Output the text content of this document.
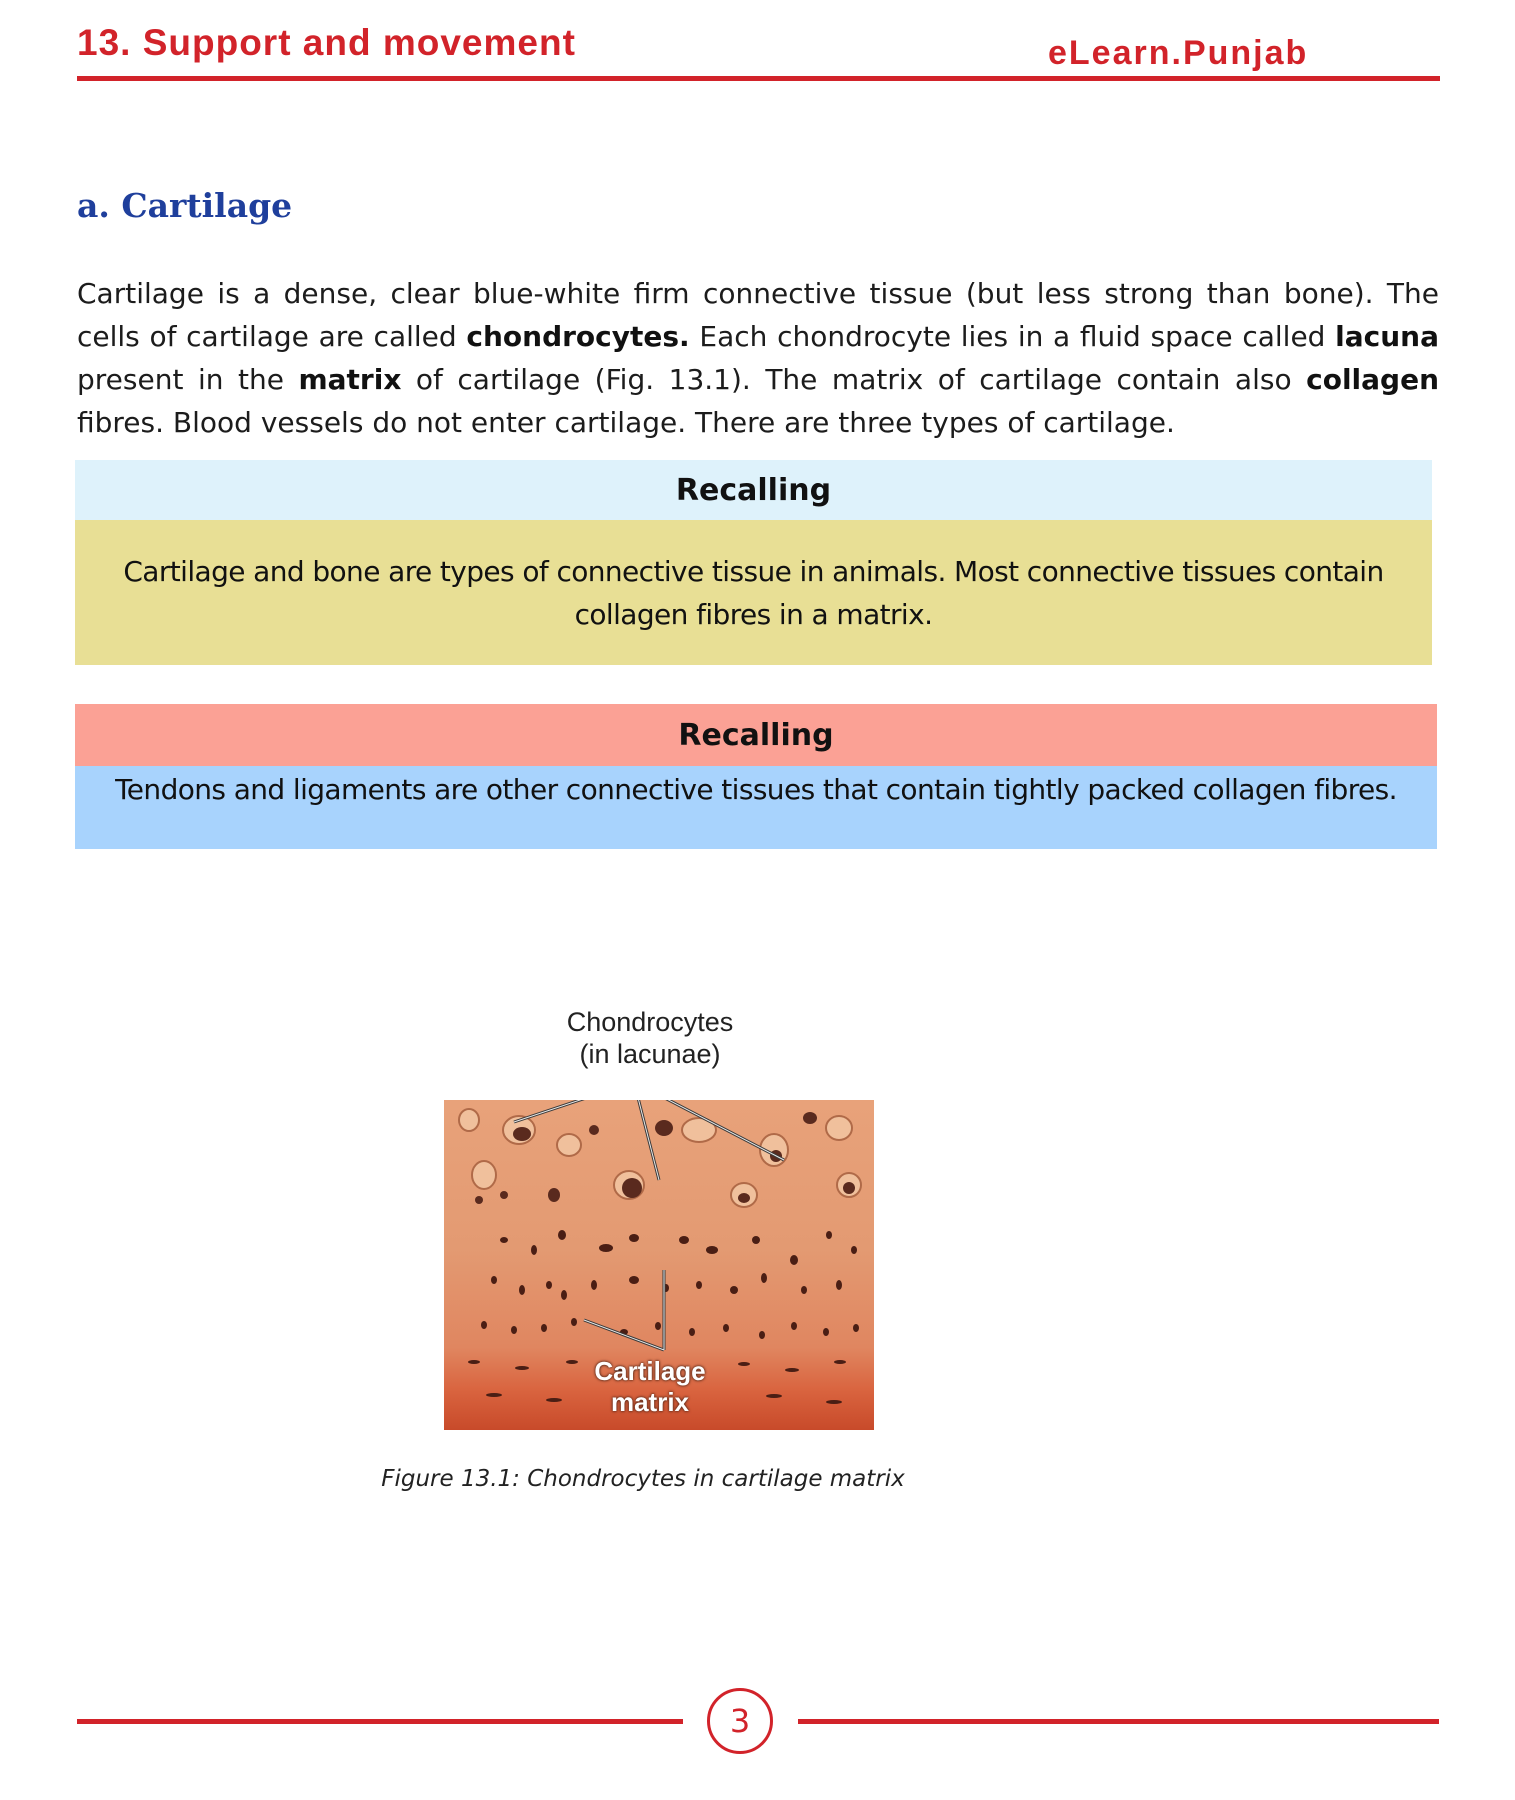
13. Support and movement	eLearn.Punjab
a. Cartilage

Cartilage is a dense, clear blue-white firm connective tissue (but less strong than bone). The cells of cartilage are called chondrocytes. Each chondrocyte lies in a fluid space called lacuna present in the matrix of cartilage (Fig. 13.1). The matrix of cartilage contain also collagen fibres. Blood vessels do not enter cartilage. There are three types of cartilage.

Recalling

Cartilage and bone are types of connective tissue in animals. Most connective tissues contain collagen fibres in a matrix.

Recalling

Tendons and ligaments are other connective tissues that contain tightly packed collagen fibres.

Chondrocytes
(in lacunae)
Cartilage
matrix
Figure 13.1: Chondrocytes in cartilage matrix
3
